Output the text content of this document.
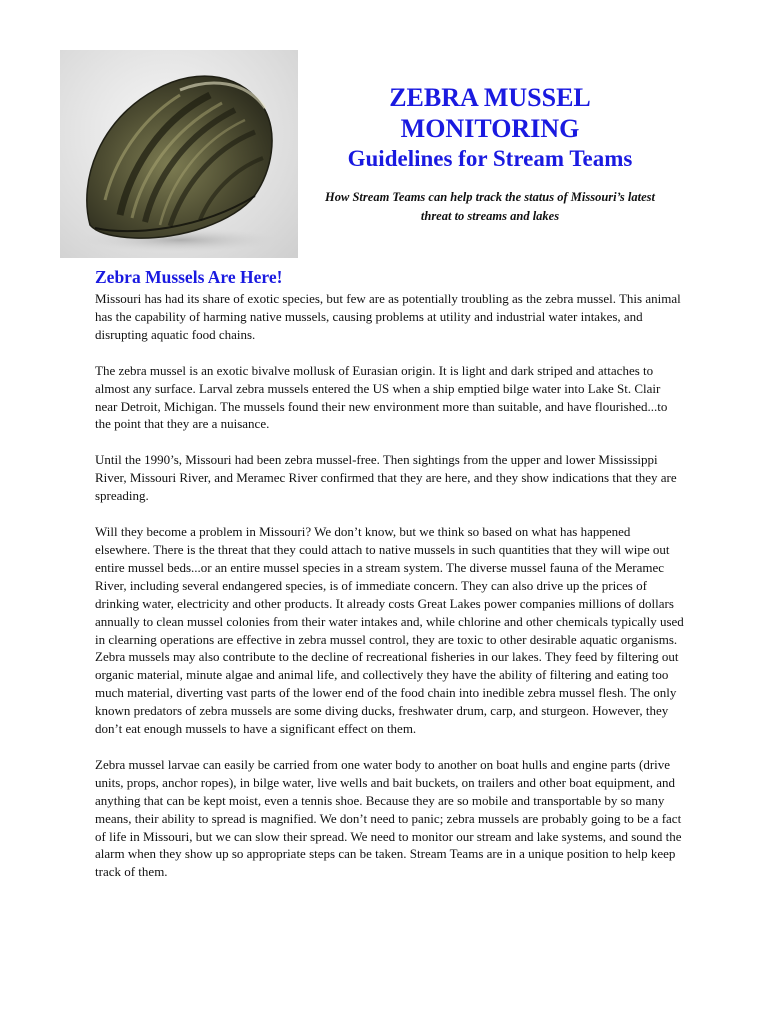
ZEBRA MUSSEL MONITORING
Guidelines for Stream Teams
How Stream Teams can help track the status of Missouri’s latest threat to streams and lakes
Zebra Mussels Are Here!

Missouri has had its share of exotic species, but few are as potentially troubling as the zebra mussel. This animal has the capability of harming native mussels, causing problems at utility and industrial water intakes, and disrupting aquatic food chains.

The zebra mussel is an exotic bivalve mollusk of Eurasian origin. It is light and dark striped and attaches to almost any surface. Larval zebra mussels entered the US when a ship emptied bilge water into Lake St. Clair near Detroit, Michigan. The mussels found their new environment more than suitable, and have flourished...to the point that they are a nuisance.

Until the 1990’s, Missouri had been zebra mussel-free. Then sightings from the upper and lower Mississippi River, Missouri River, and Meramec River confirmed that they are here, and they show indications that they are spreading.

Will they become a problem in Missouri? We don’t know, but we think so based on what has happened elsewhere. There is the threat that they could attach to native mussels in such quantities that they will wipe out entire mussel beds...or an entire mussel species in a stream system. The diverse mussel fauna of the Meramec River, including several endangered species, is of immediate concern. They can also drive up the prices of drinking water, electricity and other products. It already costs Great Lakes power companies millions of dollars annually to clean mussel colonies from their water intakes and, while chlorine and other chemicals typically used in clearning operations are effective in zebra mussel control, they are toxic to other desirable aquatic organisms. Zebra mussels may also contribute to the decline of recreational fisheries in our lakes. They feed by filtering out organic material, minute algae and animal life, and collectively they have the ability of filtering and eating too much material, diverting vast parts of the lower end of the food chain into inedible zebra mussel flesh. The only known predators of zebra mussels are some diving ducks, freshwater drum, carp, and sturgeon. However, they don’t eat enough mussels to have a significant effect on them.

Zebra mussel larvae can easily be carried from one water body to another on boat hulls and engine parts (drive units, props, anchor ropes), in bilge water, live wells and bait buckets, on trailers and other boat equipment, and anything that can be kept moist, even a tennis shoe. Because they are so mobile and transportable by so many means, their ability to spread is magnified. We don’t need to panic; zebra mussels are probably going to be a fact of life in Missouri, but we can slow their spread. We need to monitor our stream and lake systems, and sound the alarm when they show up so appropriate steps can be taken. Stream Teams are in a unique position to help keep track of them.
